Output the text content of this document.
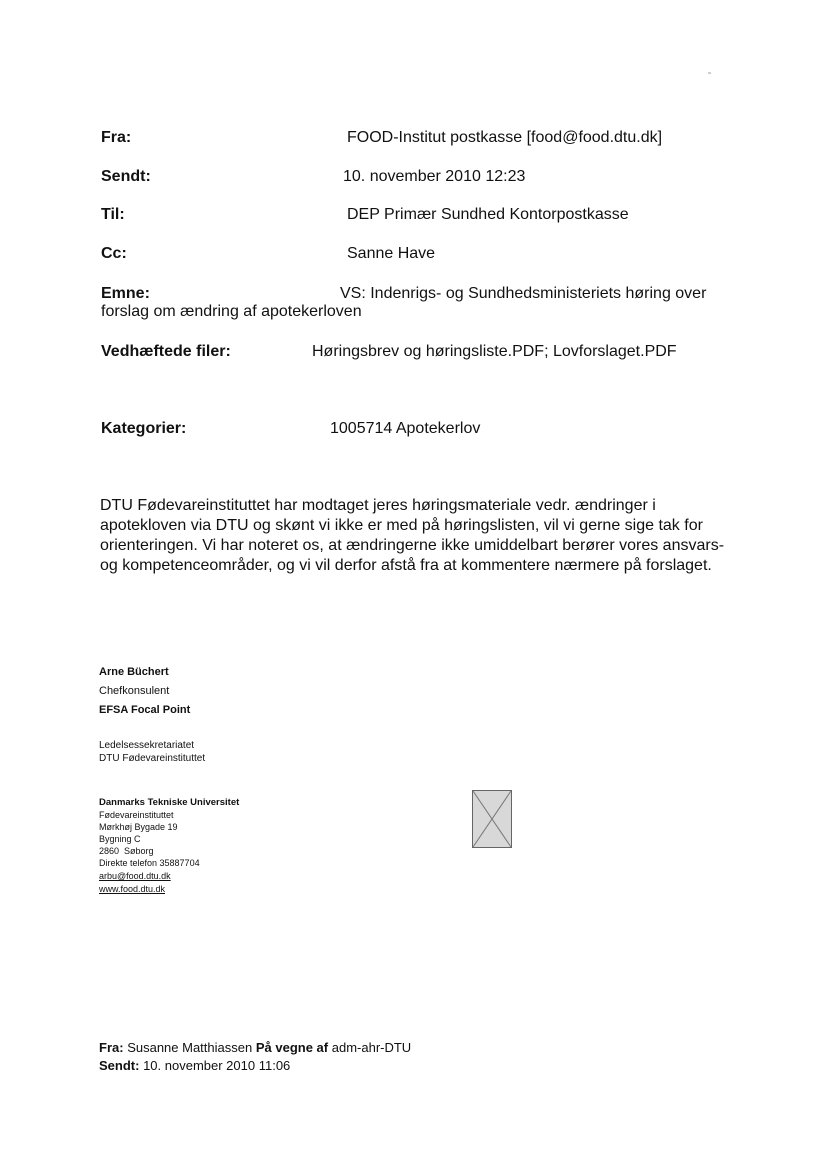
Fra:	FOOD-Institut postkasse [food@food.dtu.dk]
Sendt:	10. november 2010 12:23
Til:	DEP Primær Sundhed Kontorpostkasse
Cc:	Sanne Have
Emne:	VS: Indenrigs- og Sundhedsministeriets høring over
forslag om ændring af apotekerloven
Vedhæftede filer:	Høringsbrev og høringsliste.PDF; Lovforslaget.PDF
Kategorier:	1005714 Apotekerlov
DTU Fødevareinstituttet har modtaget jeres høringsmateriale vedr. ændringer i apotekloven via DTU og skønt vi ikke er med på høringslisten, vil vi gerne sige tak for orienteringen. Vi har noteret os, at ændringerne ikke umiddelbart berører vores ansvars- og kompetenceområder, og vi vil derfor afstå fra at kommentere nærmere på forslaget.
Arne Büchert
Chefkonsulent
EFSA Focal Point
Ledelsessekretariatet
DTU Fødevareinstituttet
Danmarks Tekniske Universitet
Fødevareinstituttet
Mørkhøj Bygade 19
Bygning C
2860  Søborg
Direkte telefon 35887704
arbu@food.dtu.dk
www.food.dtu.dk
Fra: Susanne Matthiassen På vegne af adm-ahr-DTU
Sendt: 10. november 2010 11:06
